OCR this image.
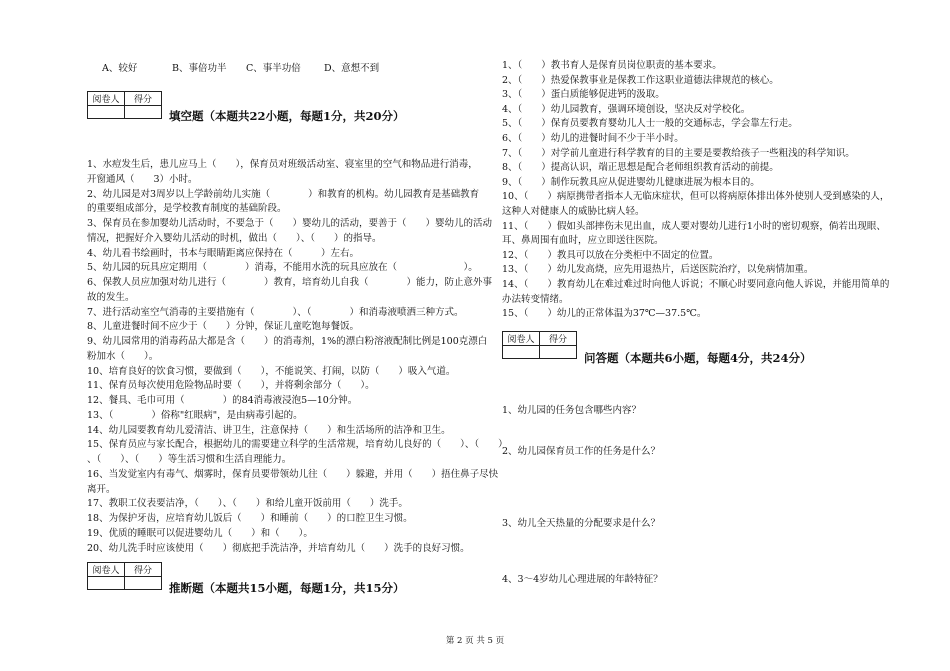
A、较好	B、事倍功半 C、事半功倍 D、意想不到
阅卷人	得分

填空题（本题共22小题，每题1分，共20分）
1、水痘发生后，患儿应马上（　　），保育员对班级活动室、寝室里的空气和物品进行消毒，
开窗通风（　　3）小时。
2、幼儿园是对3周岁以上学龄前幼儿实施（　　　　）和教育的机构。幼儿园教育是基础教育
的重要组成部分，是学校教育制度的基础阶段。
3、保育员在参加婴幼儿活动时，不要急于（　　）婴幼儿的活动，要善于（　　）婴幼儿的活动
情况，把握好介入婴幼儿活动的时机，做出（　　）、（　　）的指导。
4、幼儿看书绘画时，书本与眼睛距离应保持在（　　　）左右。
5、幼儿园的玩具应定期用（　　　　）消毒，不能用水洗的玩具应放在（　　　　　　　）。
6、保教人员应加强对幼儿进行（　　　　）教育，培育幼儿自我（　　　　）能力，防止意外事
故的发生。
7、进行活动室空气消毒的主要措施有（　　　　）、（　　　　）和消毒液喷洒三种方式。
8、儿童进餐时间不应少于（　　）分钟，保证儿童吃饱每餐饭。
9、幼儿园常用的消毒药品大都是含（　　）的消毒剂，1%的漂白粉溶液配制比例是100克漂白
粉加水（　　）。
10、培育良好的饮食习惯，要做到（　　），不能说笑、打闹，以防（　　）吸入气道。
11、保育员每次使用危险物品时要（　　），并将剩余部分（　　）。
12、餐具、毛巾可用（　　　　）的84消毒液浸泡5—10分钟。
13、（　　　　）俗称"红眼病"，是由病毒引起的。
14、幼儿园要教育幼儿爱清洁、讲卫生，注意保持（　　）和生活场所的洁净和卫生。
15、保育员应与家长配合，根据幼儿的需要建立科学的生活常规，培育幼儿良好的（　　）、（　　）
、（　　）、（　　）等生活习惯和生活自理能力。
16、当发觉室内有毒气、烟雾时，保育员要带领幼儿往（　　）躲避，并用（　　）捂住鼻子尽快
离开。
17、教职工仪表要洁净，（　　）、（　　）和给儿童开饭前用（　　）洗手。
18、为保护牙齿，应培育幼儿饭后（　　）和睡前（　　）的口腔卫生习惯。
19、优质的睡眠可以促进婴幼儿（　　）和（　　）。
20、幼儿洗手时应该使用（　　）彻底把手洗洁净，并培育幼儿（　　）洗手的良好习惯。
阅卷人	得分

推断题（本题共15小题，每题1分，共15分）
1、（　　）教书育人是保育员岗位职责的基本要求。
2、（　　）热爱保教事业是保教工作这职业道德法律规范的核心。
3、（　　）蛋白质能够促进钙的汲取。
4、（　　）幼儿园教育，强调环境创设，坚决反对学校化。
5、（　　）保育员要教育婴幼儿人士一般的交通标志，学会靠左行走。
6、（　　）幼儿的进餐时间不少于半小时。
7、（　　）对学前儿童进行科学教育的目的主要是要教给孩子一些粗浅的科学知识。
8、（　　）提高认识，端正思想是配合老师组织教育活动的前提。
9、（　　）制作玩教具应从促进婴幼儿健康进展为根本目的。
10、（　　）病原携带者指本人无临床症状，但可以将病原体排出体外使别人受到感染的人，
这种人对健康人的威胁比病人轻。
11、（　　）假如头部摔伤未见出血，成人要对婴幼儿进行1小时的密切观察，倘若出现眼、
耳、鼻周围有血时，应立即送往医院。
12、（　　）教具可以放在分类柜中不固定的位置。
13、（　　）幼儿发高烧，应先用退热片，后送医院治疗，以免病情加重。
14、（　　）教育幼儿在难过难过时向他人诉说；不顺心时要同意向他人诉说，并能用简单的
办法转变情绪。
15、（　　）幼儿的正常体温为37℃—37.5℃。
阅卷人	得分

问答题（本题共6小题，每题4分，共24分）
1、幼儿园的任务包含哪些内容？
2、幼儿园保育员工作的任务是什么？
3、幼儿全天热量的分配要求是什么？
4、3～4岁幼儿心理进展的年龄特征？
第 2 页 共 5 页
